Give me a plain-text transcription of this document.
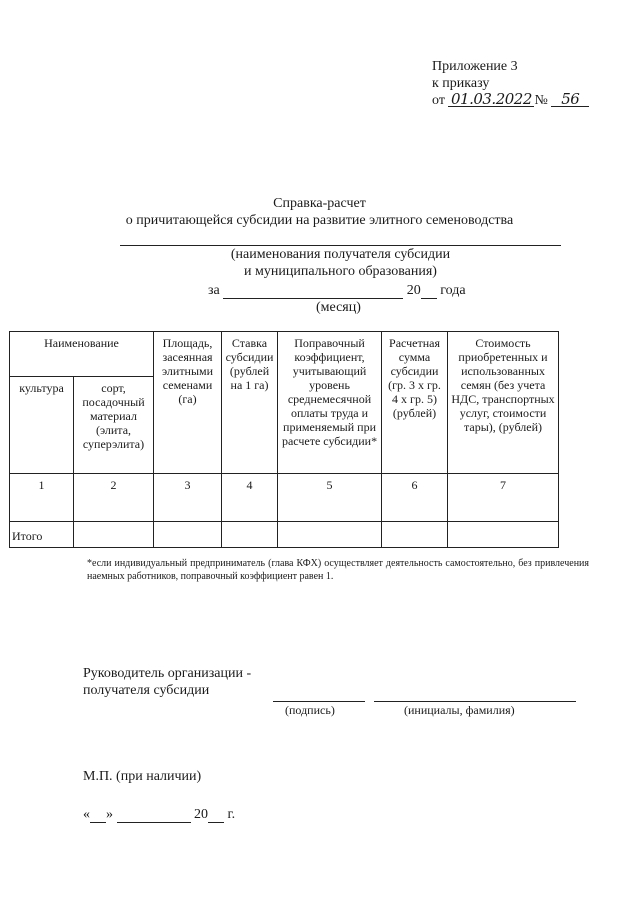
Приложение 3
к приказу
от 01.03.2022 № 56
Справка-расчет
о причитающейся субсидии на развитие элитного семеноводства
(наименования получателя субсидии
и муниципального образования)
за	20 года
(месяц)
Наименование		Площадь, засеянная элитными семенами (га)	Ставка субсидии (рублей на 1 га)	Поправочный коэффициент, учитывающий уровень среднемесячной оплаты труда и применяемый при расчете субсидии*	Расчетная сумма субсидии (гр. 3 х гр. 4 х гр. 5) (рублей)	Стоимость приобретенных и использованных семян (без учета НДС, транспортных услуг, стоимости тары), (рублей)
культура	сорт, посадочный материал (элита, суперэлита)					
1	2	3	4	5	6	7
Итого						
*если индивидуальный предприниматель (глава КФХ) осуществляет деятельность самостоятельно, без привлечения наемных работников, поправочный коэффициент равен 1.
Руководитель организации -
получателя субсидии
(подпись)	(инициалы, фамилия)
М.П. (при наличии)
« »	20 г.
